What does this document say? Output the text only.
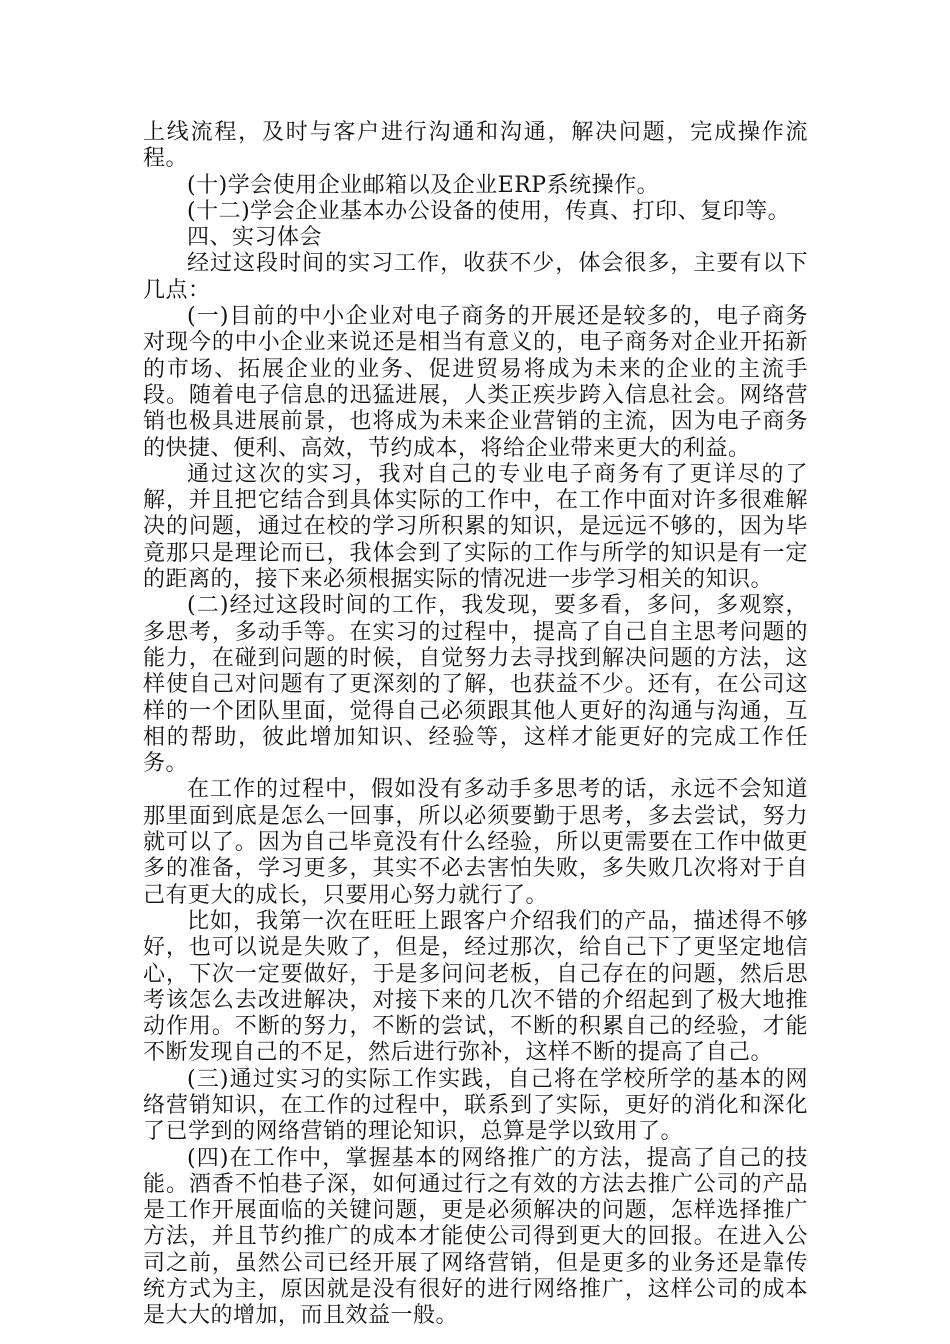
上线流程，及时与客户进行沟通和沟通，解决问题，完成操作流程。

(十)学会使用企业邮箱以及企业ERP系统操作。

(十二)学会企业基本办公设备的使用，传真、打印、复印等。

四、实习体会

经过这段时间的实习工作，收获不少，体会很多，主要有以下几点：

(一)目前的中小企业对电子商务的开展还是较多的，电子商务对现今的中小企业来说还是相当有意义的，电子商务对企业开拓新的市场、拓展企业的业务、促进贸易将成为未来的企业的主流手段。随着电子信息的迅猛进展，人类正疾步跨入信息社会。网络营销也极具进展前景，也将成为未来企业营销的主流，因为电子商务的快捷、便利、高效，节约成本，将给企业带来更大的利益。

通过这次的实习，我对自己的专业电子商务有了更详尽的了解，并且把它结合到具体实际的工作中，在工作中面对许多很难解决的问题，通过在校的学习所积累的知识，是远远不够的，因为毕竟那只是理论而已，我体会到了实际的工作与所学的知识是有一定的距离的，接下来必须根据实际的情况进一步学习相关的知识。

(二)经过这段时间的工作，我发现，要多看，多问，多观察，多思考，多动手等。在实习的过程中，提高了自己自主思考问题的能力，在碰到问题的时候，自觉努力去寻找到解决问题的方法，这样使自己对问题有了更深刻的了解，也获益不少。还有，在公司这样的一个团队里面，觉得自己必须跟其他人更好的沟通与沟通，互相的帮助，彼此增加知识、经验等，这样才能更好的完成工作任务。

在工作的过程中，假如没有多动手多思考的话，永远不会知道那里面到底是怎么一回事，所以必须要勤于思考，多去尝试，努力就可以了。因为自己毕竟没有什么经验，所以更需要在工作中做更多的准备，学习更多，其实不必去害怕失败，多失败几次将对于自己有更大的成长，只要用心努力就行了。

比如，我第一次在旺旺上跟客户介绍我们的产品，描述得不够好，也可以说是失败了，但是，经过那次，给自己下了更坚定地信心，下次一定要做好，于是多问问老板，自己存在的问题，然后思考该怎么去改进解决，对接下来的几次不错的介绍起到了极大地推动作用。不断的努力，不断的尝试，不断的积累自己的经验，才能不断发现自己的不足，然后进行弥补，这样不断的提高了自己。

(三)通过实习的实际工作实践，自己将在学校所学的基本的网络营销知识，在工作的过程中，联系到了实际，更好的消化和深化了已学到的网络营销的理论知识，总算是学以致用了。

(四)在工作中，掌握基本的网络推广的方法，提高了自己的技能。酒香不怕巷子深，如何通过行之有效的方法去推广公司的产品是工作开展面临的关键问题，更是必须解决的问题，怎样选择推广方法，并且节约推广的成本才能使公司得到更大的回报。在进入公司之前，虽然公司已经开展了网络营销，但是更多的业务还是靠传统方式为主，原因就是没有很好的进行网络推广，这样公司的成本是大大的增加，而且效益一般。
